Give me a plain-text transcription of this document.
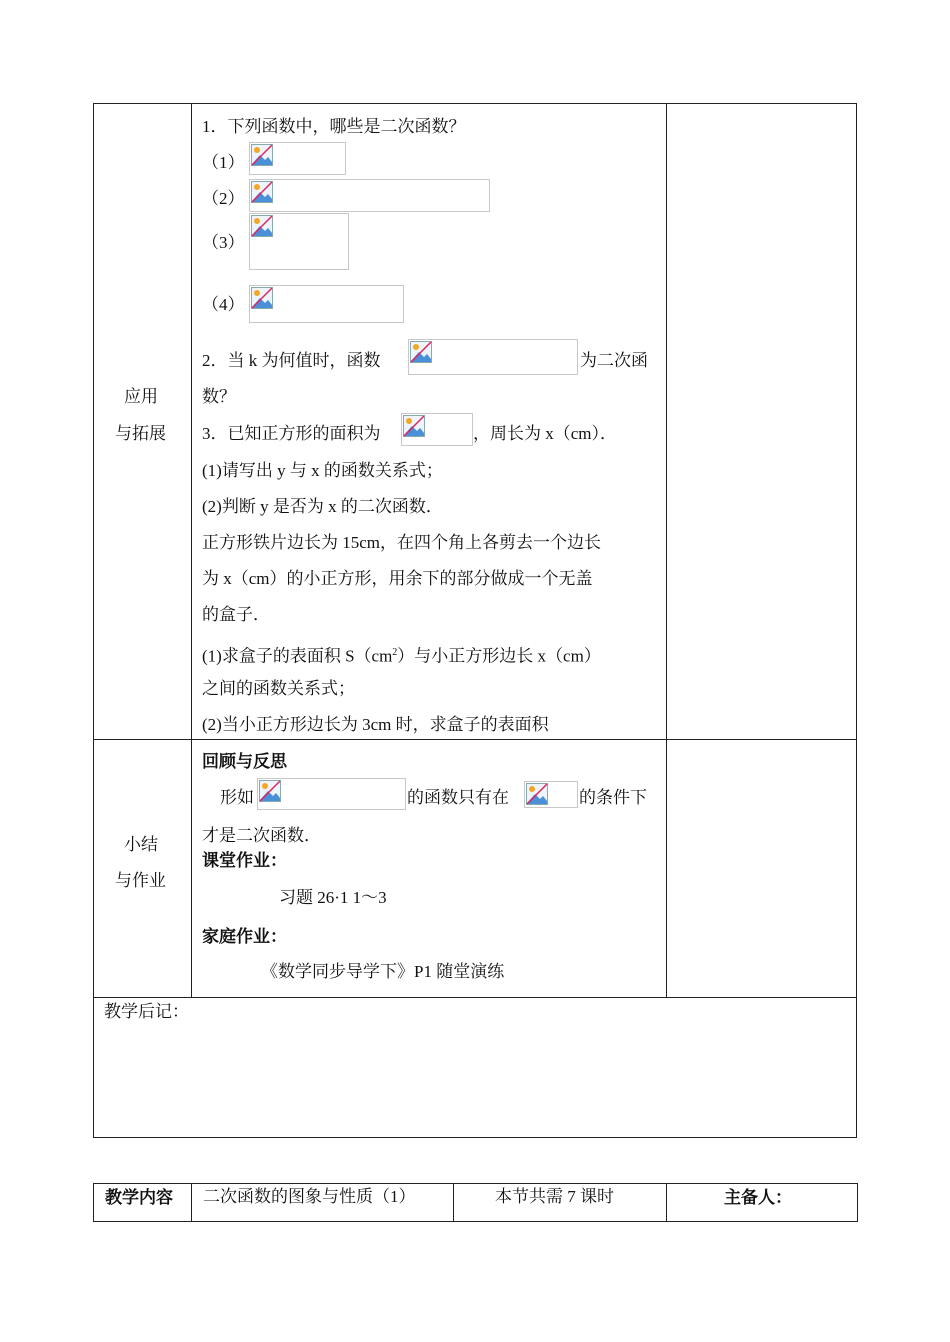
应用
与拓展
1．下列函数中，哪些是二次函数？
（1）
（2）
（3）
（4）
2．当 k 为何值时，函数	为二次函
数？
3．已知正方形的面积为	，周长为 x（cm）．
(1)请写出 y 与 x 的函数关系式；
(2)判断 y 是否为 x 的二次函数．
正方形铁片边长为 15cm，在四个角上各剪去一个边长
为 x（cm）的小正方形，用余下的部分做成一个无盖
的盒子．
(1)求盒子的表面积 $S(cm^2)$与小正方形边长 x（cm）
之间的函数关系式；
(2)当小正方形边长为 3cm 时，求盒子的表面积
小结
与作业
回顾与反思
形如	的函数只有在	的条件下
才是二次函数．
课堂作业：
习题 26·1 1～3
家庭作业：
《数学同步导学下》P1 随堂演练
教学后记：
教学内容 二次函数的图象与性质（1）	本节共需 7 课时	主备人：
